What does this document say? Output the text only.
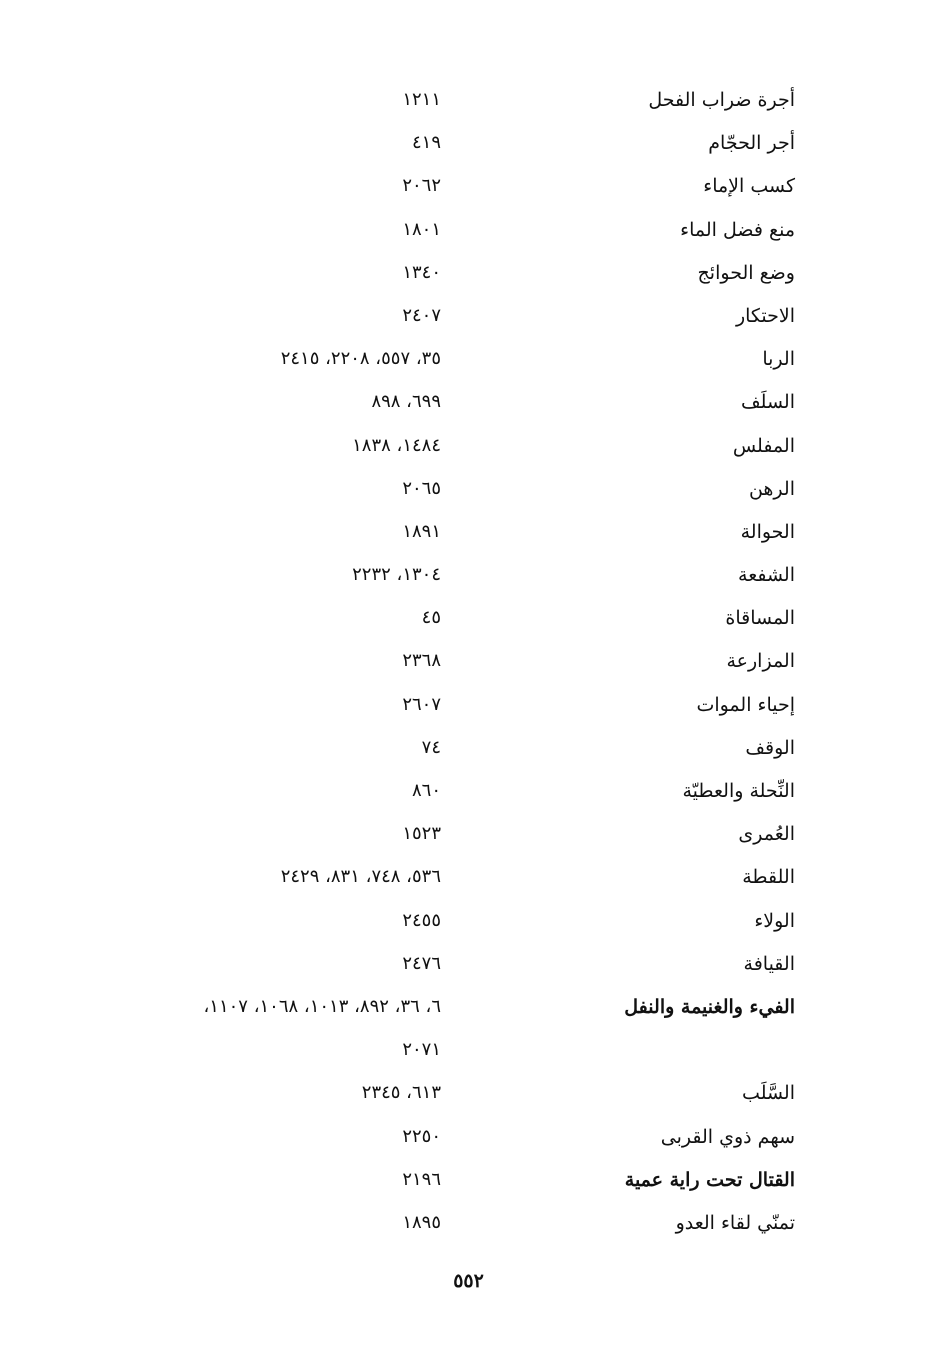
أجرة ضراب الفحل
١٢١١
أجر الحجّام
٤١٩
كسب الإماء
٢٠٦٢
منع فضل الماء
١٨٠١
وضع الحوائج
١٣٤٠
الاحتكار
٢٤٠٧
الربا
٣٥، ٥٥٧، ٢٢٠٨، ٢٤١٥
السلَف
٦٩٩، ٨٩٨
المفلس
١٤٨٤، ١٨٣٨
الرهن
٢٠٦٥
الحوالة
١٨٩١
الشفعة
١٣٠٤، ٢٢٣٢
المساقاة
٤٥
المزارعة
٢٣٦٨
إحياء الموات
٢٦٠٧
الوقف
٧٤
النِّحلة والعطيّة
٨٦٠
العُمرى
١٥٢٣
اللقطة
٥٣٦، ٧٤٨، ٨٣١، ٢٤٢٩
الولاء
٢٤٥٥
القيافة
٢٤٧٦
الفيء والغنيمة والنفل
٦، ٣٦، ٨٩٢، ١٠١٣، ١٠٦٨، ١١٠٧،
٢٠٧١
السَّلَب
٦١٣، ٢٣٤٥
سهم ذوي القربى
٢٢٥٠
القتال تحت راية عمية
٢١٩٦
تمنّي لقاء العدو
١٨٩٥
٥٥٢
